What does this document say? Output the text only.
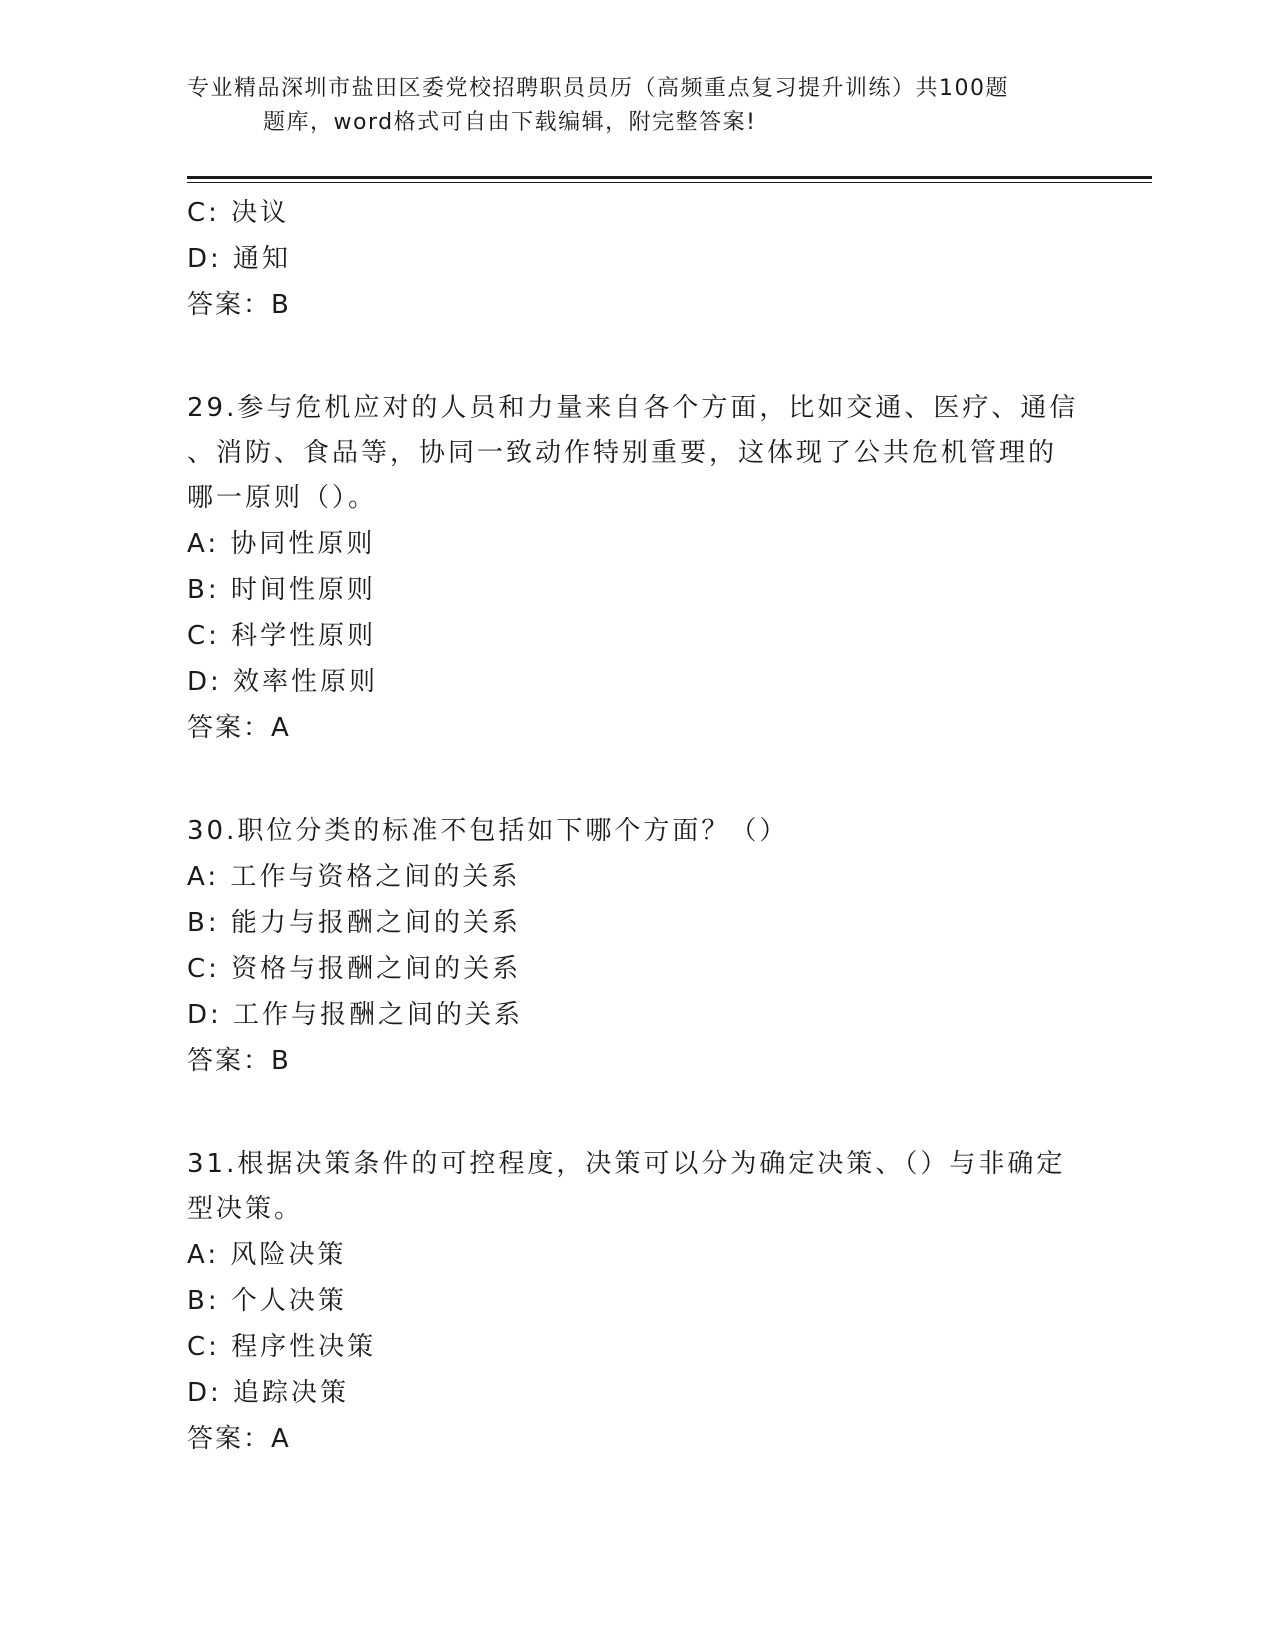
专业精品深圳市盐田区委党校招聘职员员历（高频重点复习提升训练）共100题
题库，word格式可自由下载编辑，附完整答案!
C: 决议
D: 通知
答案：B
29.参与危机应对的人员和力量来自各个方面，比如交通、医疗、通信
、消防、食品等，协同一致动作特别重要，这体现了公共危机管理的
哪一原则（）。
A: 协同性原则
B: 时间性原则
C: 科学性原则
D: 效率性原则
答案：A
30.职位分类的标准不包括如下哪个方面？（）
A: 工作与资格之间的关系
B: 能力与报酬之间的关系
C: 资格与报酬之间的关系
D: 工作与报酬之间的关系
答案：B
31.根据决策条件的可控程度，决策可以分为确定决策、（）与非确定
型决策。
A: 风险决策
B: 个人决策
C: 程序性决策
D: 追踪决策
答案：A
